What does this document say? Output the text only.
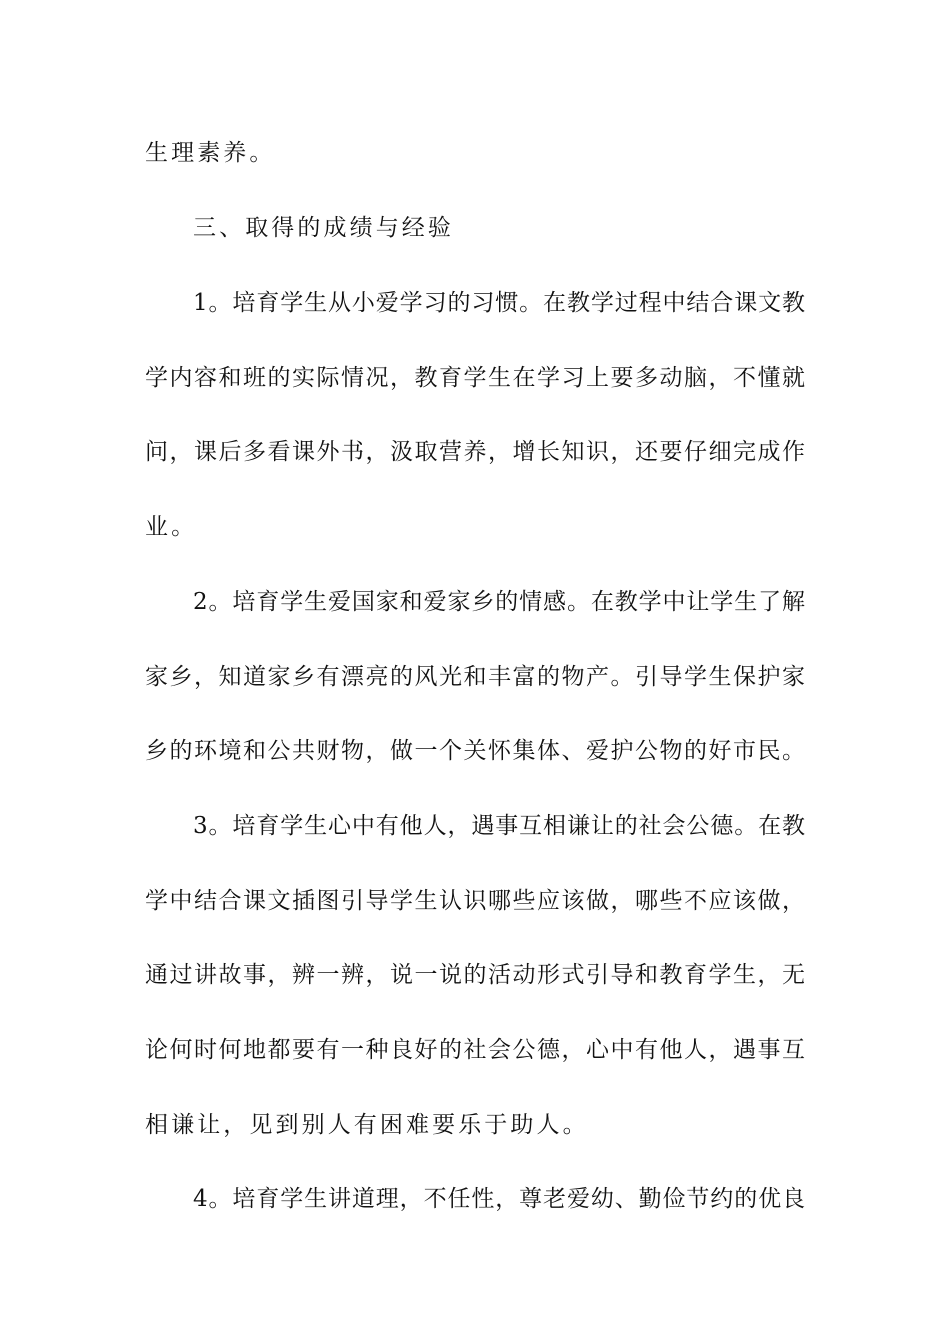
生理素养。
三、取得的成绩与经验
1。培育学生从小爱学习的习惯。在教学过程中结合课文教
学内容和班的实际情况，教育学生在学习上要多动脑，不懂就
问，课后多看课外书，汲取营养，增长知识，还要仔细完成作
业。
2。培育学生爱国家和爱家乡的情感。在教学中让学生了解
家乡，知道家乡有漂亮的风光和丰富的物产。引导学生保护家
乡的环境和公共财物，做一个关怀集体、爱护公物的好市民。
3。培育学生心中有他人，遇事互相谦让的社会公德。在教
学中结合课文插图引导学生认识哪些应该做，哪些不应该做，
通过讲故事，辨一辨，说一说的活动形式引导和教育学生，无
论何时何地都要有一种良好的社会公德，心中有他人，遇事互
相谦让，见到别人有困难要乐于助人。
4。培育学生讲道理，不任性，尊老爱幼、勤俭节约的优良
